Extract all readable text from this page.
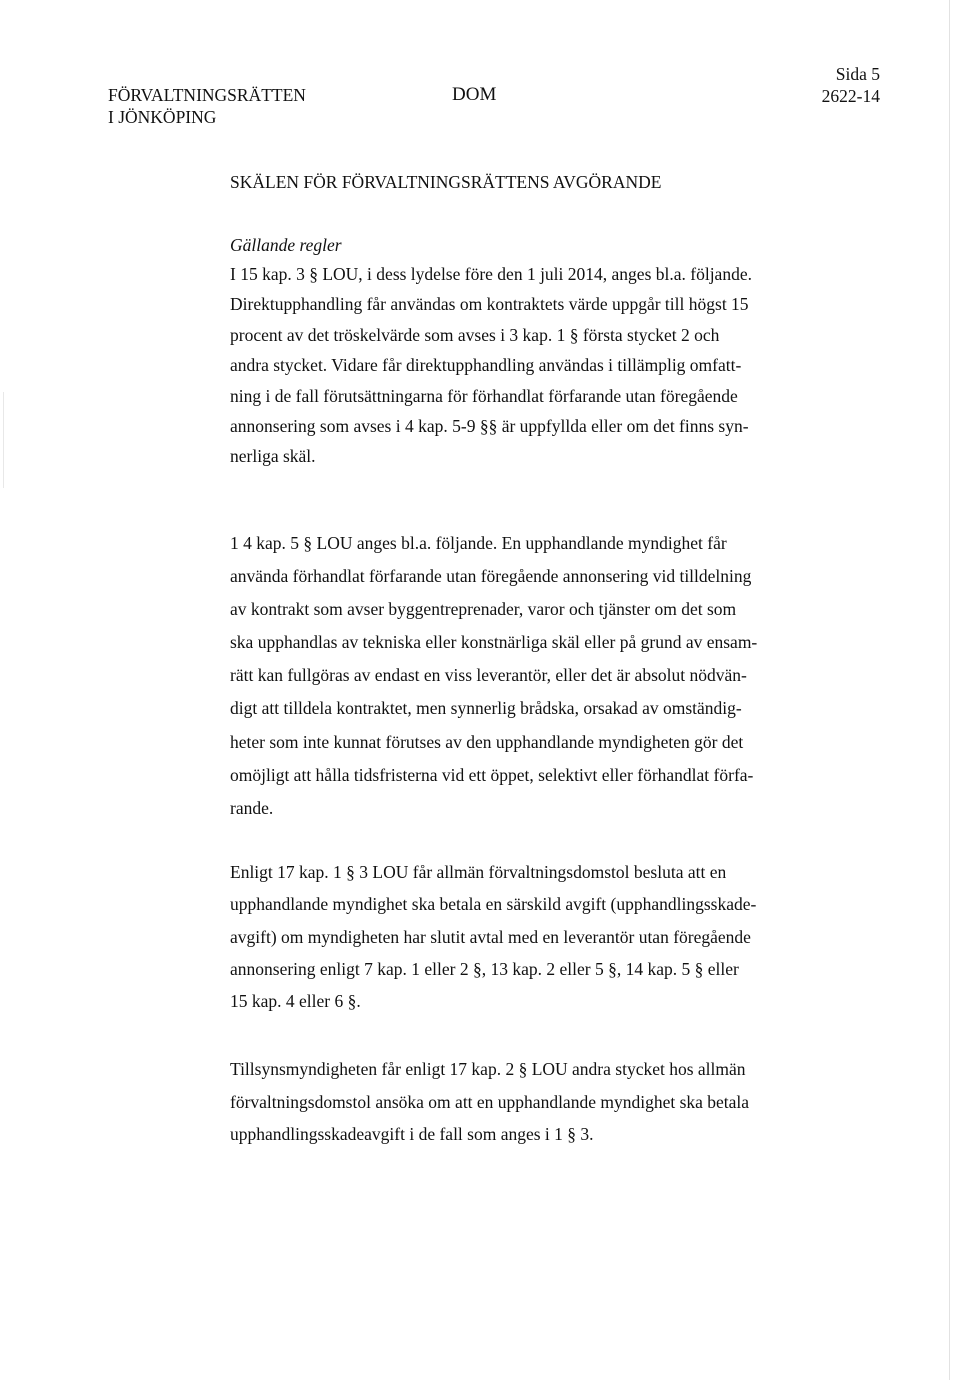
FÖRVALTNINGSRÄTTEN
I JÖNKÖPING
DOM
Sida 5
2622-14
SKÄLEN FÖR FÖRVALTNINGSRÄTTENS AVGÖRANDE
Gällande regler
I 15 kap. 3 § LOU, i dess lydelse före den 1 juli 2014, anges bl.a. följande.
Direktupphandling får användas om kontraktets värde uppgår till högst 15
procent av det tröskelvärde som avses i 3 kap. 1 § första stycket 2 och
andra stycket. Vidare får direktupphandling användas i tillämplig omfatt-
ning i de fall förutsättningarna för förhandlat förfarande utan föregående
annonsering som avses i 4 kap. 5-9 §§ är uppfyllda eller om det finns syn-
nerliga skäl.
1 4 kap. 5 § LOU anges bl.a. följande. En upphandlande myndighet får
använda förhandlat förfarande utan föregående annonsering vid tilldelning
av kontrakt som avser byggentreprenader, varor och tjänster om det som
ska upphandlas av tekniska eller konstnärliga skäl eller på grund av ensam-
rätt kan fullgöras av endast en viss leverantör, eller det är absolut nödvän-
digt att tilldela kontraktet, men synnerlig brådska, orsakad av omständig-
heter som inte kunnat förutses av den upphandlande myndigheten gör det
omöjligt att hålla tidsfristerna vid ett öppet, selektivt eller förhandlat förfa-
rande.
Enligt 17 kap. 1 § 3 LOU får allmän förvaltningsdomstol besluta att en
upphandlande myndighet ska betala en särskild avgift (upphandlingsskade-
avgift) om myndigheten har slutit avtal med en leverantör utan föregående
annonsering enligt 7 kap. 1 eller 2 §, 13 kap. 2 eller 5 §, 14 kap. 5 § eller
15 kap. 4 eller 6 §.
Tillsynsmyndigheten får enligt 17 kap. 2 § LOU andra stycket hos allmän
förvaltningsdomstol ansöka om att en upphandlande myndighet ska betala
upphandlingsskadeavgift i de fall som anges i 1 § 3.
